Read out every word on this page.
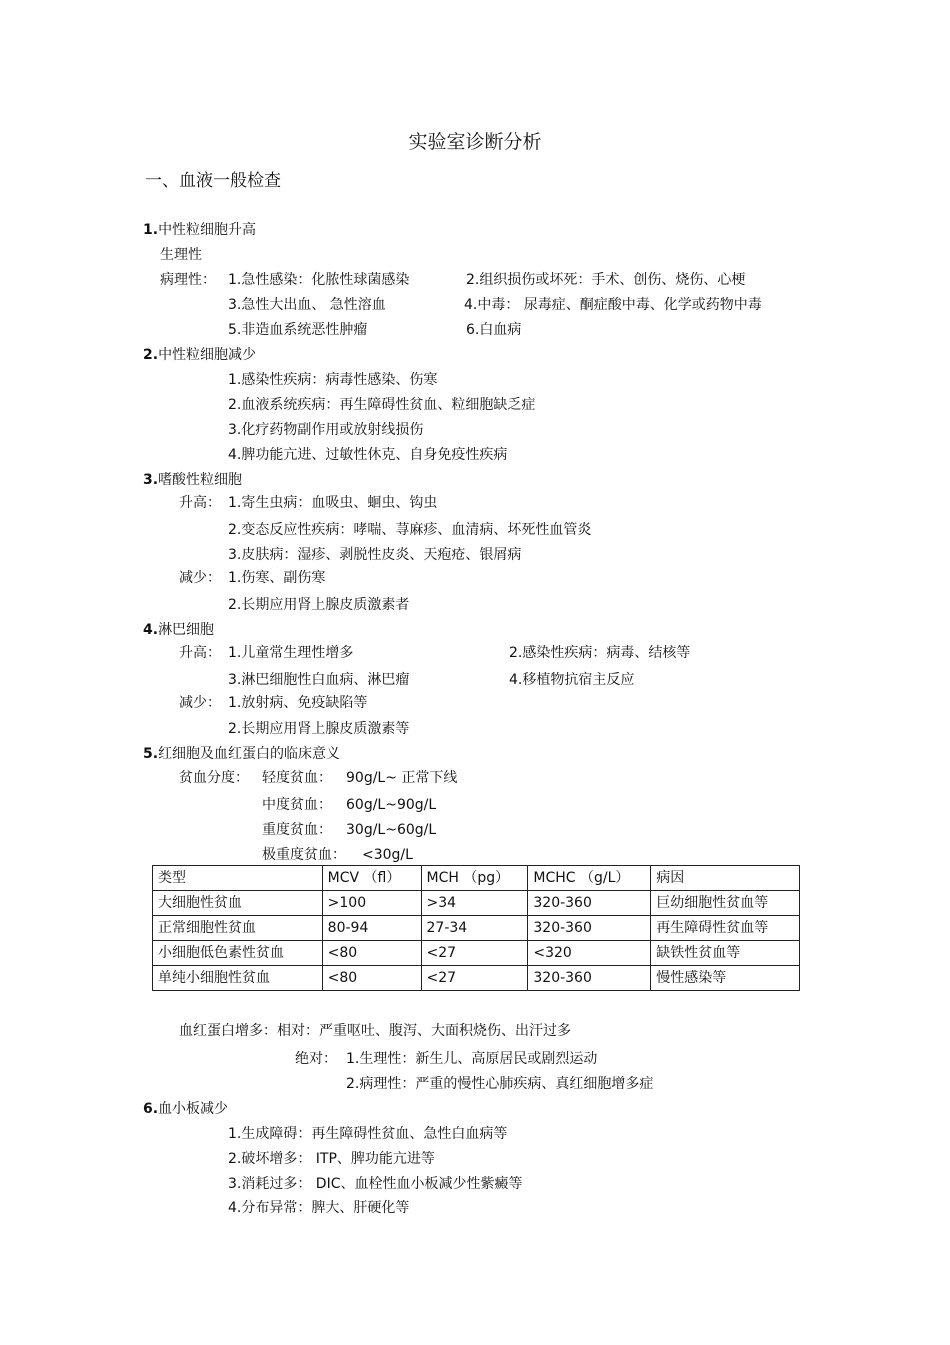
实验室诊断分析
一、血液一般检查
1.中性粒细胞升高
生理性
病理性： 1.急性感染：化脓性球菌感染	2.组织损伤或坏死：手术、创伤、烧伤、心梗
3.急性大出血、 急性溶血	4.中毒： 尿毒症、酮症酸中毒、化学或药物中毒
5.非造血系统恶性肿瘤	6.白血病
2.中性粒细胞减少
1.感染性疾病：病毒性感染、伤寒
2.血液系统疾病：再生障碍性贫血、粒细胞缺乏症
3.化疗药物副作用或放射线损伤
4.脾功能亢进、过敏性休克、自身免疫性疾病
3.嗜酸性粒细胞
升高： 1.寄生虫病：血吸虫、蛔虫、钩虫
2.变态反应性疾病：哮喘、荨麻疹、血清病、坏死性血管炎
3.皮肤病：湿疹、剥脱性皮炎、天疱疮、银屑病
减少： 1.伤寒、副伤寒
2.长期应用肾上腺皮质激素者
4.淋巴细胞
升高： 1.儿童常生理性增多	2.感染性疾病：病毒、结核等
3.淋巴细胞性白血病、淋巴瘤	4.移植物抗宿主反应
减少： 1.放射病、免疫缺陷等
2.长期应用肾上腺皮质激素等
5.红细胞及血红蛋白的临床意义
贫血分度： 轻度贫血： 90g/L~ 正常下线
中度贫血： 60g/L~90g/L
重度贫血： 30g/L~60g/L
极重度贫血： <30g/L
类型	MCV （fl）	MCH （pg）	MCHC （g/L）	病因
大细胞性贫血	>100	>34	320-360	巨幼细胞性贫血等
正常细胞性贫血	80-94	27-34	320-360	再生障碍性贫血等
小细胞低色素性贫血	<80	<27	<320	缺铁性贫血等
单纯小细胞性贫血	<80	<27	320-360	慢性感染等
血红蛋白增多： 相对：严重呕吐、腹泻、大面积烧伤、出汗过多
绝对： 1.生理性：新生儿、高原居民或剧烈运动
2.病理性：严重的慢性心肺疾病、真红细胞增多症
6.血小板减少
1.生成障碍：再生障碍性贫血、急性白血病等
2.破坏增多： ITP、脾功能亢进等
3.消耗过多： DIC、血栓性血小板减少性紫癜等
4.分布异常：脾大、肝硬化等
